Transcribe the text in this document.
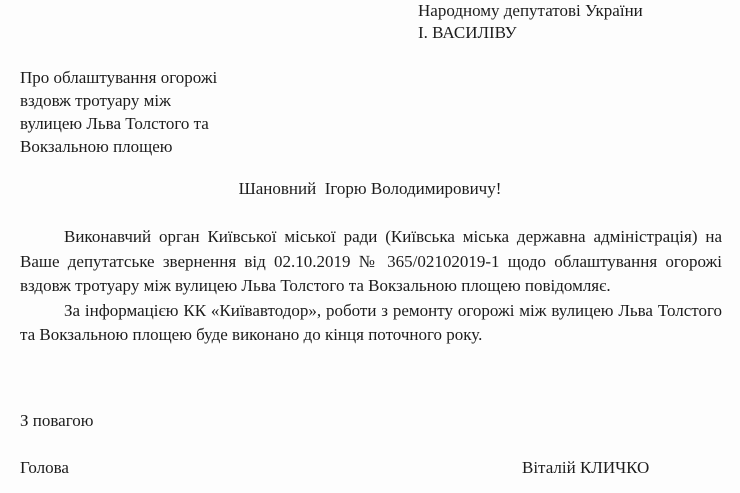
Народному депутатові України
І. ВАСИЛІВУ
Про облаштування огорожі
вздовж тротуару між
вулицею Льва Толстого та
Вокзальною площею
Шановний  Ігорю Володимировичу!

Виконавчий орган Київської міської ради (Київська міська державна адміністрація) на Ваше депутатське звернення від 02.10.2019 № 365/02102019-1 щодо облаштування огорожі вздовж тротуару між вулицею Льва Толстого та Вокзальною площею повідомляє.

За інформацією КК «Київавтодор», роботи з ремонту огорожі між вулицею Льва Толстого та Вокзальною площею буде виконано до кінця поточного року.

З повагою
Голова	Віталій КЛИЧКО
